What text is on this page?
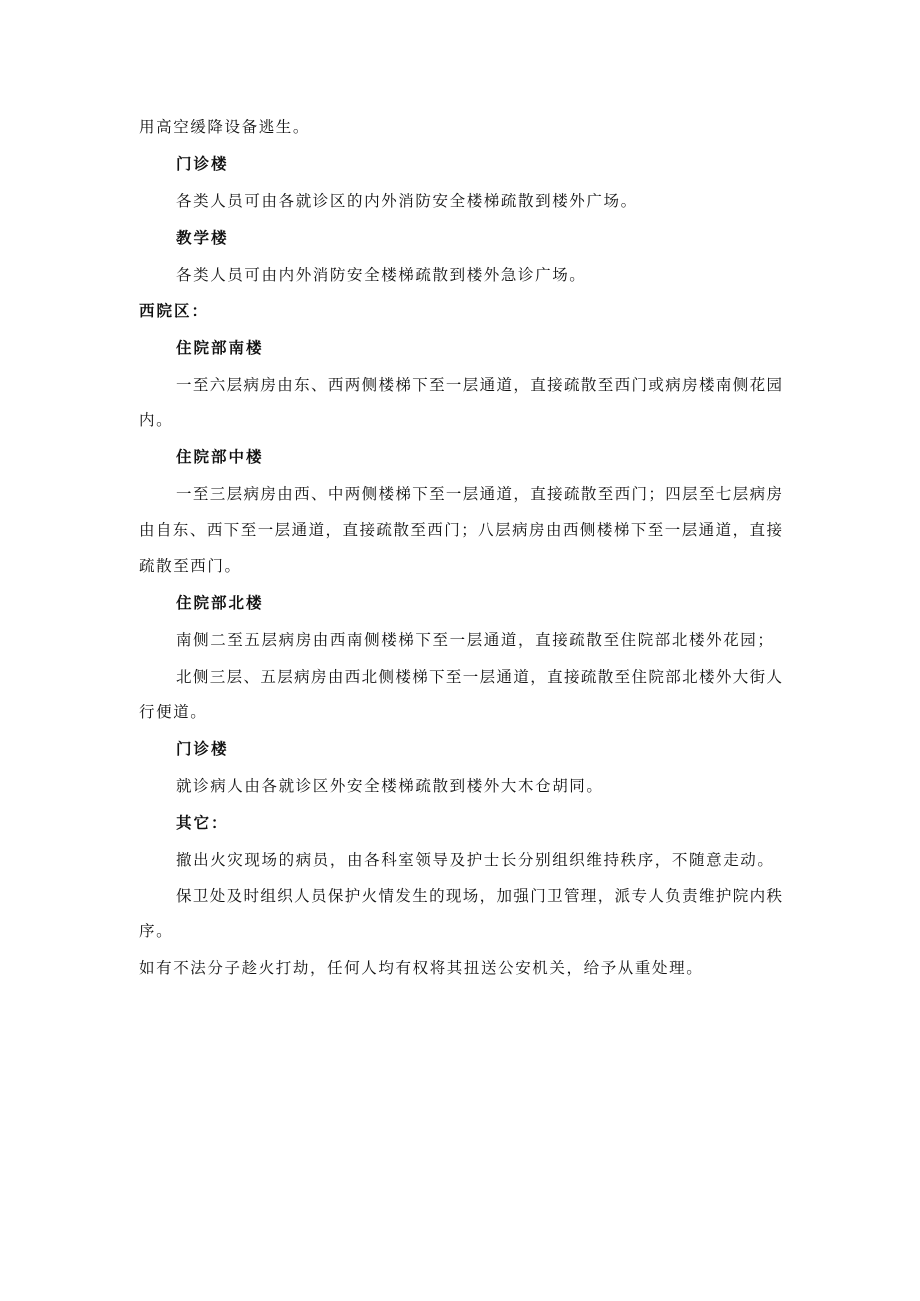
用高空缓降设备逃生。
门诊楼
各类人员可由各就诊区的内外消防安全楼梯疏散到楼外广场。
教学楼
各类人员可由内外消防安全楼梯疏散到楼外急诊广场。
西院区：
住院部南楼
一至六层病房由东、西两侧楼梯下至一层通道，直接疏散至西门或病房楼南侧花园
内。
住院部中楼
一至三层病房由西、中两侧楼梯下至一层通道，直接疏散至西门；四层至七层病房
由自东、西下至一层通道，直接疏散至西门；八层病房由西侧楼梯下至一层通道，直接
疏散至西门。
住院部北楼
南侧二至五层病房由西南侧楼梯下至一层通道，直接疏散至住院部北楼外花园；
北侧三层、五层病房由西北侧楼梯下至一层通道，直接疏散至住院部北楼外大街人
行便道。
门诊楼
就诊病人由各就诊区外安全楼梯疏散到楼外大木仓胡同。
其它：
撤出火灾现场的病员，由各科室领导及护士长分别组织维持秩序，不随意走动。
保卫处及时组织人员保护火情发生的现场，加强门卫管理，派专人负责维护院内秩
序。
如有不法分子趁火打劫，任何人均有权将其扭送公安机关，给予从重处理。
